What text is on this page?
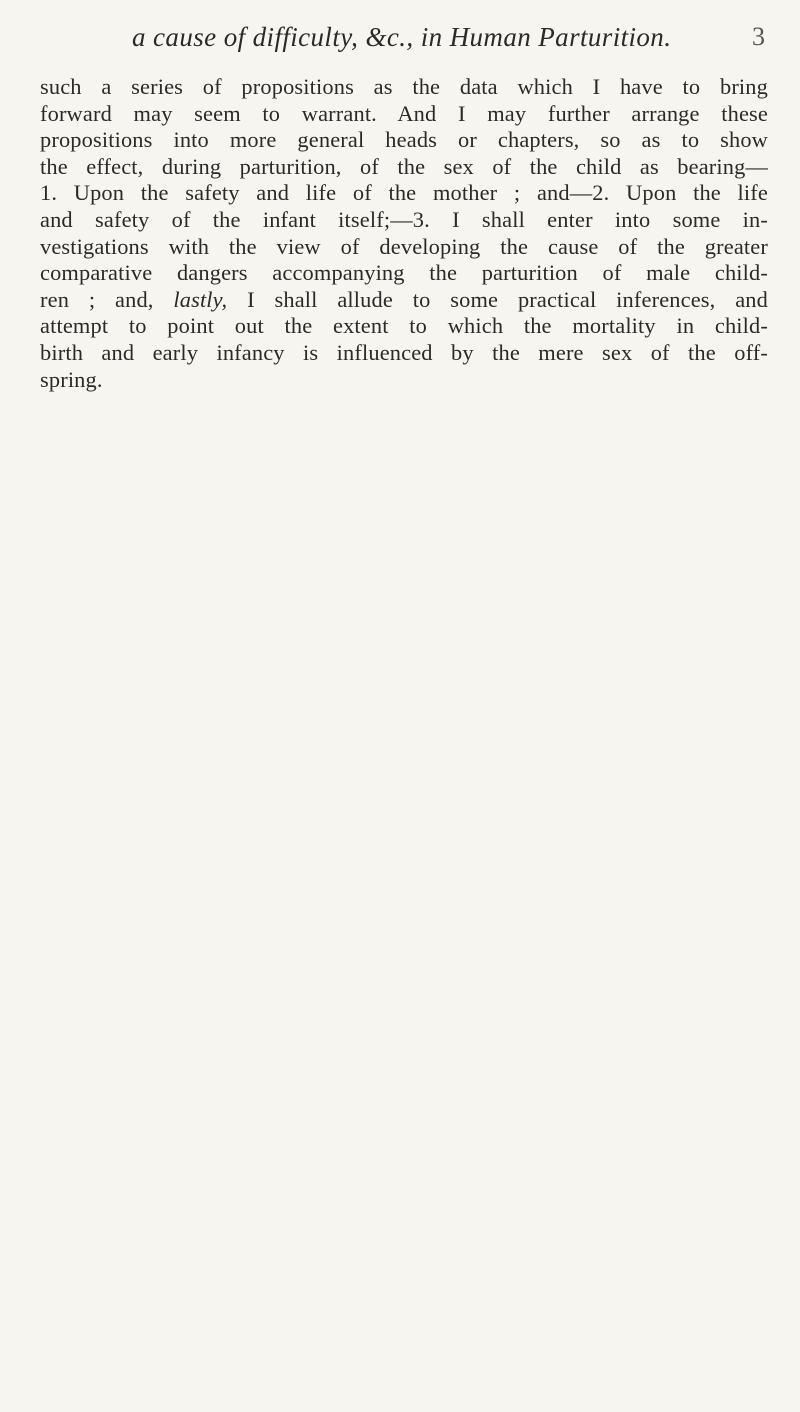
a cause of difficulty, &c., in Human Parturition.	3
such a series of propositions as the data which I have to bring
forward may seem to warrant. And I may further arrange these
propositions into more general heads or chapters, so as to show
the effect, during parturition, of the sex of the child as bearing—
1. Upon the safety and life of the mother ; and—2. Upon the life
and safety of the infant itself;—3. I shall enter into some in-
vestigations with the view of developing the cause of the greater
comparative dangers accompanying the parturition of male child-
ren ; and, lastly, I shall allude to some practical inferences, and
attempt to point out the extent to which the mortality in child-
birth and early infancy is influenced by the mere sex of the off-
spring.
